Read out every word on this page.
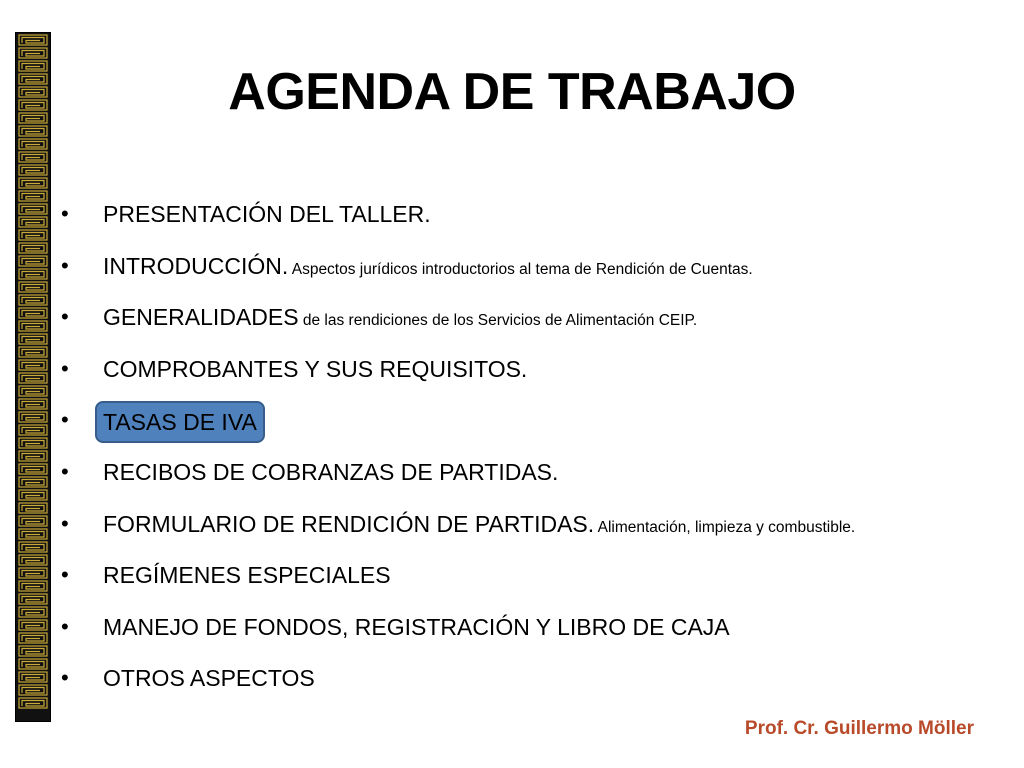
AGENDA DE TRABAJO
•	PRESENTACIÓN DEL TALLER.
•	INTRODUCCIÓN. Aspectos jurídicos introductorios al tema de Rendición de Cuentas.
•	GENERALIDADES de las rendiciones de los Servicios de Alimentación CEIP.
•	COMPROBANTES Y SUS REQUISITOS.
•	TASAS DE IVA
•	RECIBOS DE COBRANZAS DE PARTIDAS.
•	FORMULARIO DE RENDICIÓN DE PARTIDAS. Alimentación, limpieza y combustible.
•	REGÍMENES ESPECIALES
•	MANEJO DE FONDOS, REGISTRACIÓN Y LIBRO DE CAJA
•	OTROS ASPECTOS
Prof. Cr. Guillermo Möller
